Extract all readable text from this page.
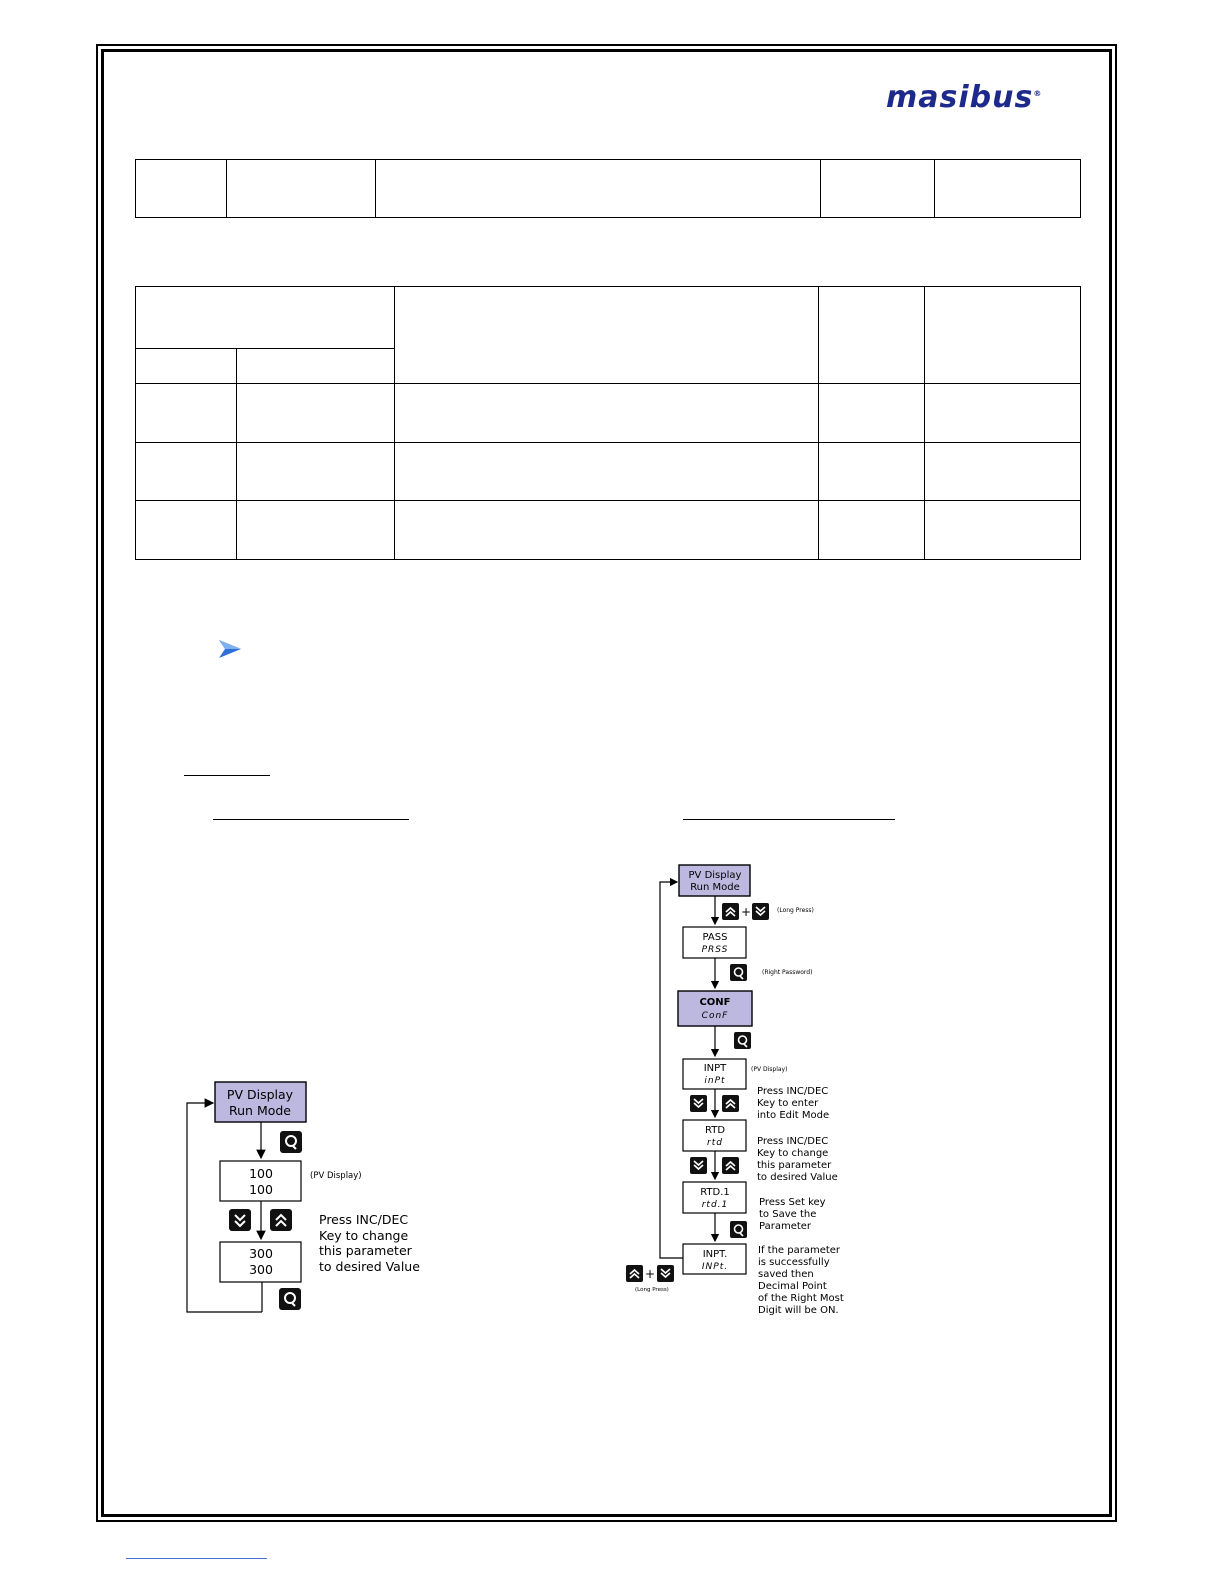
masibus®

PV Display
Run Mode
100
100
(PV Display)
300
300
Press INC/DEC Key to change this parameter to desired Value
PV Display
Run Mode
+	(Long Press)
PASS
PRSS
(Right Password)
CONF
ConF
INPT
inPt
(PV Display)
Press INC/DEC Key to enter into Edit Mode
RTD
rtd	Press INC/DEC Key to change this parameter to desired Value
RTD.1
rtd.1	Press Set key to Save the Parameter
INPT.
INPt.
If the parameter is successfully saved then Decimal Point of the Right Most Digit will be ON.
+
(Long Press)
